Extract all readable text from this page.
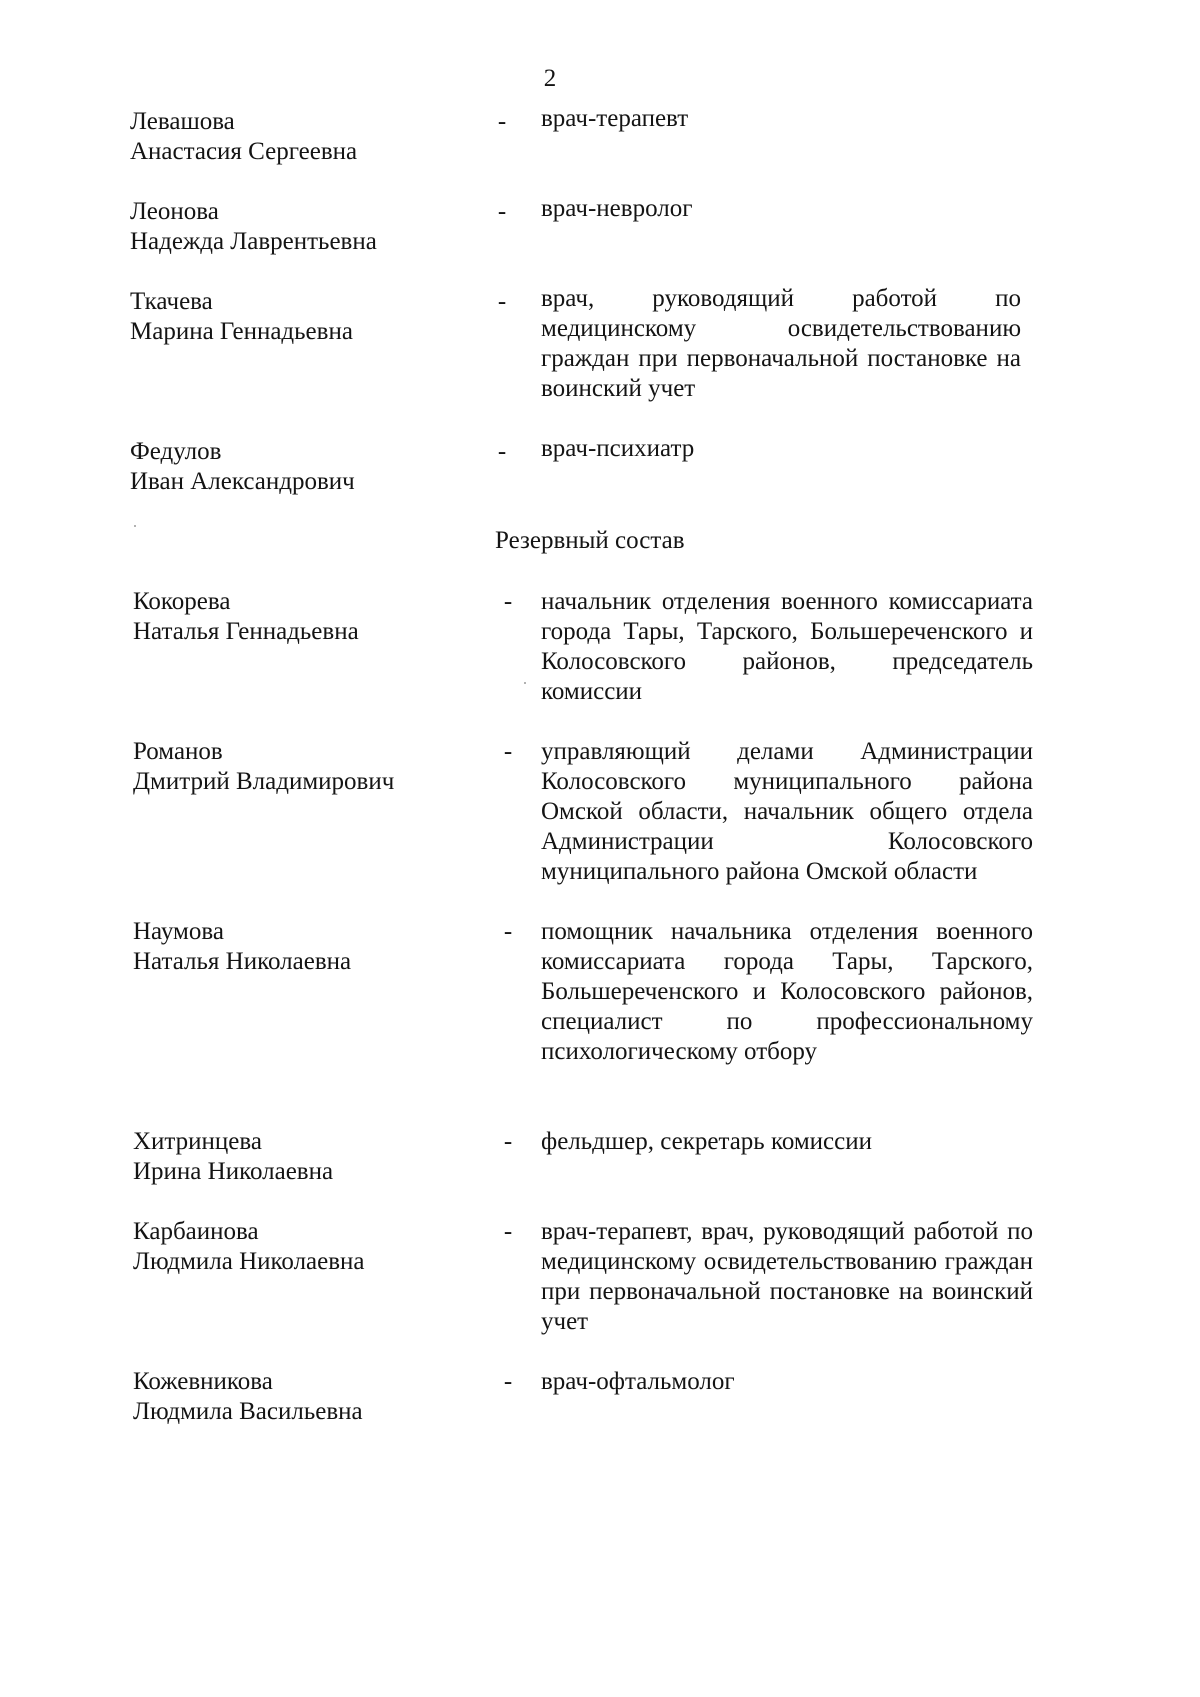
2
Левашова
Анастасия Сергеевна
- врач-терапевт
Леонова
Надежда Лаврентьевна
- врач-невролог
Ткачева
Марина Геннадьевна
- врач, руководящий работой по медицинскому освидетельствованию граждан при первоначальной постановке на воинский учет
Федулов
Иван Александрович
- врач-психиатр
Резервный состав
Кокорева
Наталья Геннадьевна
- начальник отделения военного комиссариата города Тары, Тарского, Большереченского и Колосовского районов, председатель комиссии
Романов
Дмитрий Владимирович
- управляющий делами Администрации Колосовского муниципального района Омской области, начальник общего отдела Администрации Колосовского муниципального района Омской области
Наумова
Наталья Николаевна
- помощник начальника отделения военного комиссариата города Тары, Тарского, Большереченского и Колосовского районов, специалист по профессиональному психологическому отбору
Хитринцева
Ирина Николаевна
- фельдшер, секретарь комиссии
Карбаинова
Людмила Николаевна
- врач-терапевт, врач, руководящий работой по медицинскому освидетельствованию граждан при первоначальной постановке на воинский учет
Кожевникова
Людмила Васильевна
- врач-офтальмолог
